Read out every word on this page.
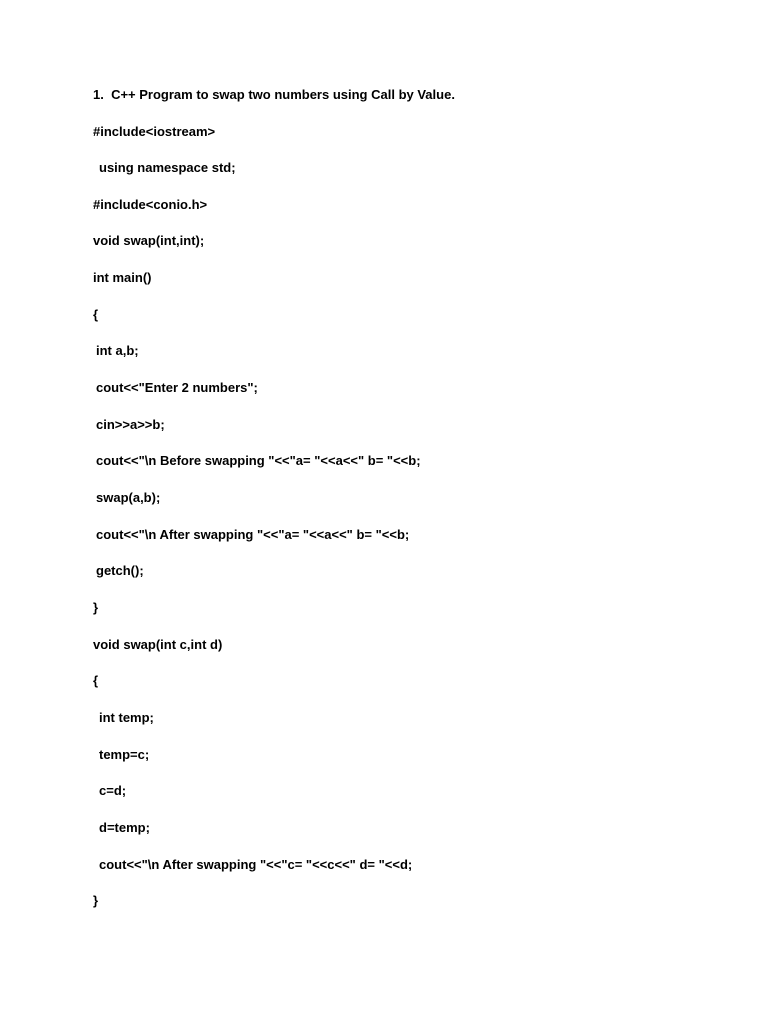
1.  C++ Program to swap two numbers using Call by Value.
#include<iostream>
using namespace std;
#include<conio.h>
void swap(int,int);
int main()
{
int a,b;
cout<<"Enter 2 numbers";
cin>>a>>b;
cout<<"\n Before swapping "<<"a= "<<a<<" b= "<<b;
swap(a,b);
cout<<"\n After swapping "<<"a= "<<a<<" b= "<<b;
getch();
}
void swap(int c,int d)
{
int temp;
temp=c;
c=d;
d=temp;
cout<<"\n After swapping "<<"c= "<<c<<" d= "<<d;
}
